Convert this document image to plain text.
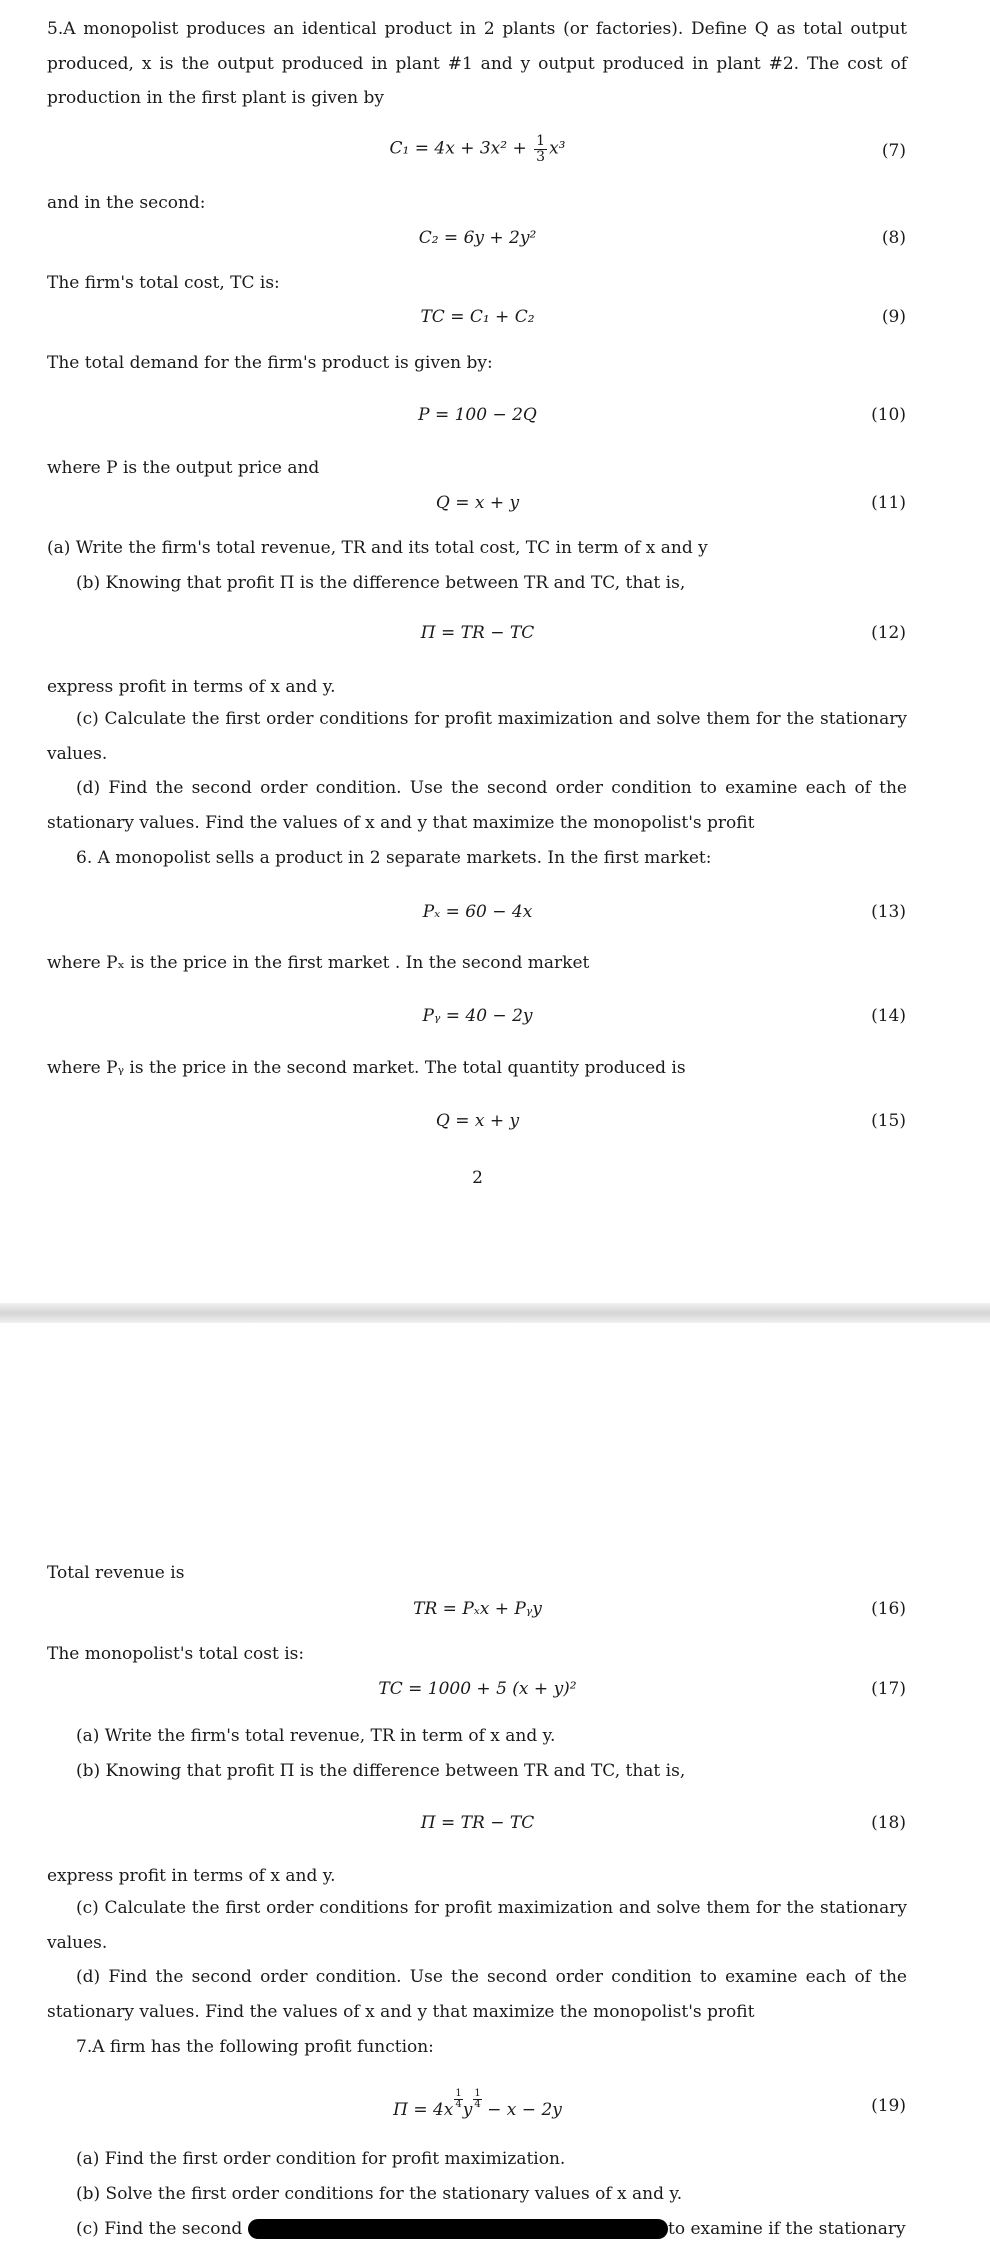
5.A monopolist produces an identical product in 2 plants (or factories). Define Q as total output produced, x is the output produced in plant #1 and y output produced in plant #2. The cost of production in the first plant is given by
$C_1 = 4x + 3x^2 + \frac{1}{3} x^3$	(7)
and in the second:
C₂ = 6y + 2y²	(8)
The firm's total cost, TC is:
TC = C₁ + C₂	(9)
The total demand for the firm's product is given by:
P = 100 − 2Q	(10)
where P is the output price and
Q = x + y	(11)
(a) Write the firm's total revenue, TR and its total cost, TC in term of x and y
(b) Knowing that profit Π is the difference between TR and TC, that is,
Π = TR − TC	(12)
express profit in terms of x and y.
(c) Calculate the first order conditions for profit maximization and solve them for the stationary values.
(d) Find the second order condition. Use the second order condition to examine each of the stationary values. Find the values of x and y that maximize the monopolist's profit
6. A monopolist sells a product in 2 separate markets. In the first market:
Pₓ = 60 − 4x	(13)
where Pₓ is the price in the first market . In the second market
Pᵧ = 40 − 2y	(14)
where Pᵧ is the price in the second market. The total quantity produced is
Q = x + y	(15)
2
Total revenue is
TR = Pₓx + Pᵧy	(16)
The monopolist's total cost is:
TC = 1000 + 5 (x + y)²	(17)
(a) Write the firm's total revenue, TR in term of x and y.
(b) Knowing that profit Π is the difference between TR and TC, that is,
Π = TR − TC	(18)
express profit in terms of x and y.
(c) Calculate the first order conditions for profit maximization and solve them for the stationary values.
(d) Find the second order condition. Use the second order condition to examine each of the stationary values. Find the values of x and y that maximize the monopolist's profit
7.A firm has the following profit function:
$\Pi = 4x \frac{1}{4}$ y $\frac{1}{4} - x - 2y$	(19)
(a) Find the first order condition for profit maximization.
(b) Solve the first order conditions for the stationary values of x and y.
(c) Find the second	to examine if the stationary
